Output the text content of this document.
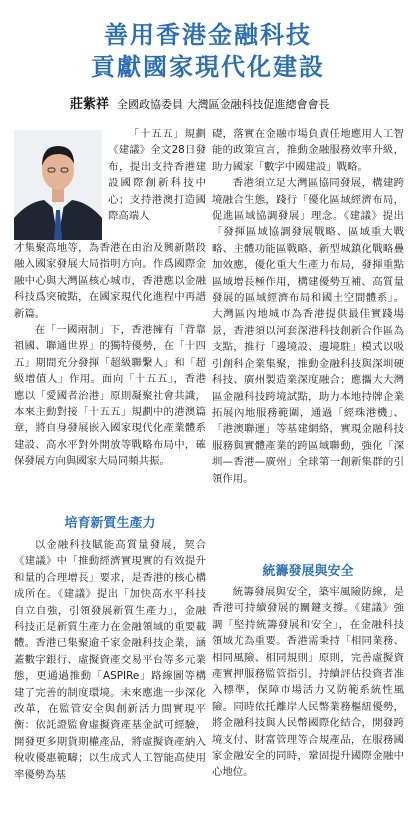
善用香港金融科技
貢獻國家現代化建設
莊紫祥 全國政協委員 大灣區金融科技促進總會會長

「十五五」規劃《建議》全文28日發布，提出支持香港建設國際創新科技中心；支持港澳打造國際高端人

才集聚高地等，為香港在由治及興新階段融入國家發展大局指明方向。作爲國際金融中心與大灣區核心城市，香港應以金融科技爲突破點，在國家現代化進程中再譜新篇。

在「一國兩制」下，香港擁有「背靠祖國、聯通世界」的獨特優勢，在「十四五」期間充分發揮「超級聯繫人」和「超級增值人」作用。面向「十五五」，香港應以「愛國者治港」原則凝聚社會共識，本來主動對接「十五五」規劃中的港澳篇章，將自身發展嵌入國家現代化產業體系建設、高水平對外開放等戰略布局中，確保發展方向與國家大局同頻共振。

培育新質生產力

以金融科技賦能高質量發展，契合《建議》中「推動經濟實現實的有效提升和量的合理增長」要求，是香港的核心構成所在。《建議》提出「加快高水平科技自立自強，引領發展新質生產力」，金融科技正是新質生產力在金融領域的重要載體。香港已集聚逾千家金融科技企業，涵蓋數字銀行、虛擬資產交易平台等多元業態，更通過推動「ASPIRe」路線圖等構建了完善的制度環境。未來應進一步深化改革，在監管安全與創新活力間實現平衡：依託證監會虛擬資產基金試可經驗，開發更多期貨期權產品，將虛擬資產納入稅收優惠範疇；以生成式人工智能高使用率優勢為基

礎，落實在金融市場負責任地應用人工智能的政策宣言，推動金融服務效率升級，助力國家「數字中國建設」戰略。

香港須立足大灣區協同發展，構建跨境融合生態，踐行「優化區域經濟布局，促進區域協調發展」理念。《建議》提出「發揮區域協調發展戰略、區域重大戰略、主體功能區戰略、新型城鎮化戰略疊加效應，優化重大生產力布局，發揮重點區域增長極作用，構建優勢互補、高質量發展的區域經濟布局和國土空間體系」。大灣區內地城市為香港提供最佳實踐場景，香港須以河套深港科技創新合作區為支點，推行「邊境設、邊境駐」模式以吸引創科企業集聚，推動金融科技與深圳硬科技、廣州製造業深度融合；應攜大大灣區金融科技跨境試點，助力本地持牌企業拓展內地服務範圍，通過「經珠港機」、「港澳聯運」等基建網絡，實現金融科技服務與實體產業的跨區域聯動，強化「深圳—香港—廣州」全球第一創新集群的引領作用。

統籌發展與安全

統籌發展與安全，築牢風險防線，是香港可持續發展的關鍵支撐。《建議》強調「堅持統籌發展和安全」，在金融科技領域尤為重要。香港需秉持「相同業務、相同風險、相同規則」原則，完善虛擬資產實押服務監管指引，持續評估投資者准入標準，保障市場活力又防範系統性風險。同時依托離岸人民幣業務樞紐優勢，將金融科技與人民幣國際化結合，開發跨境支付、財富管理等合規產品，在服務國家金融安全的同時，鞏固提升國際金融中心地位。
